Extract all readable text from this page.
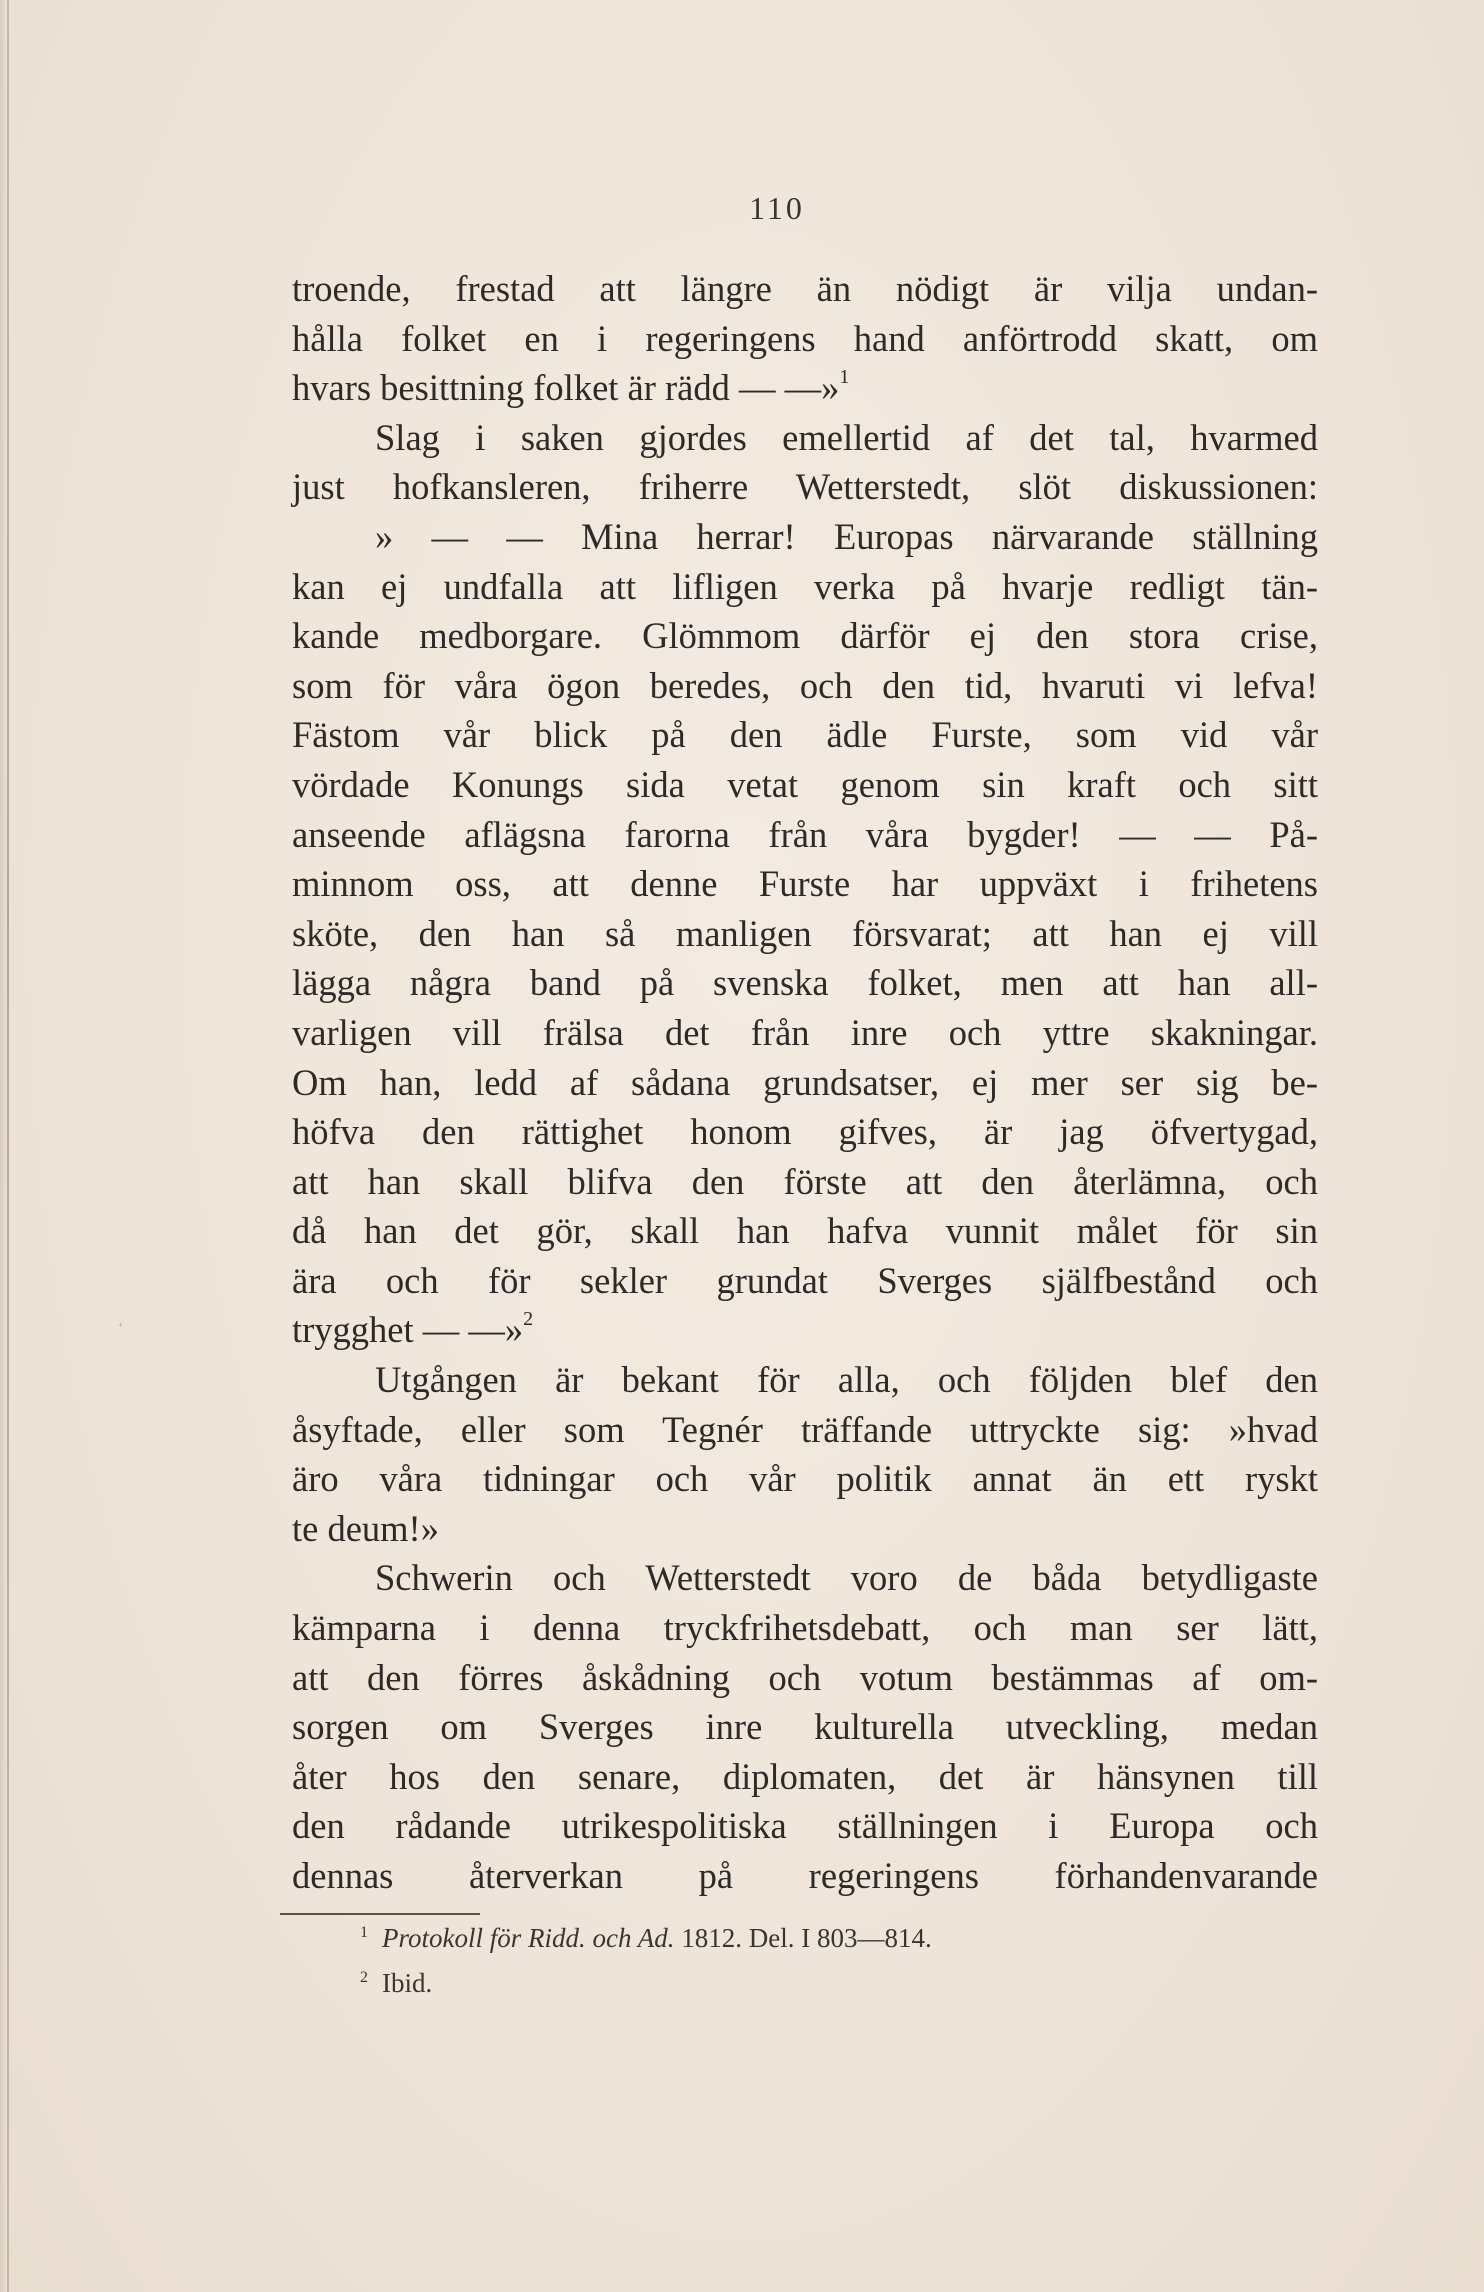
110
troende, frestad att längre än nödigt är vilja undan-
hålla folket en i regeringens hand anförtrodd skatt, om
hvars besittning folket är rädd — —»$^1$
Slag i saken gjordes emellertid af det tal, hvarmed
just hofkansleren, friherre Wetterstedt, slöt diskussionen:
» — — Mina herrar! Europas närvarande ställning
kan ej undfalla att lifligen verka på hvarje redligt tän-
kande medborgare. Glömmom därför ej den stora crise,
som för våra ögon beredes, och den tid, hvaruti vi lefva!
Fästom vår blick på den ädle Furste, som vid vår
vördade Konungs sida vetat genom sin kraft och sitt
anseende aflägsna farorna från våra bygder! — — På-
minnom oss, att denne Furste har uppväxt i frihetens
sköte, den han så manligen försvarat; att han ej vill
lägga några band på svenska folket, men att han all-
varligen vill frälsa det från inre och yttre skakningar.
Om han, ledd af sådana grundsatser, ej mer ser sig be-
höfva den rättighet honom gifves, är jag öfvertygad,
att han skall blifva den förste att den återlämna, och
då han det gör, skall han hafva vunnit målet för sin
ära och för sekler grundat Sverges själfbestånd och
trygghet — —»$^2$
Utgången är bekant för alla, och följden blef den
åsyftade, eller som Tegnér träffande uttryckte sig: »hvad
äro våra tidningar och vår politik annat än ett ryskt
te deum!»
Schwerin och Wetterstedt voro de båda betydligaste
kämparna i denna tryckfrihetsdebatt, och man ser lätt,
att den förres åskådning och votum bestämmas af om-
sorgen om Sverges inre kulturella utveckling, medan
åter hos den senare, diplomaten, det är hänsynen till
den rådande utrikespolitiska ställningen i Europa och
dennas återverkan på regeringens förhandenvarande
ʻ
$^1$ Protokoll för Ridd. och Ad. 1812. Del. I 803—814.
$^2$ Ibid.
